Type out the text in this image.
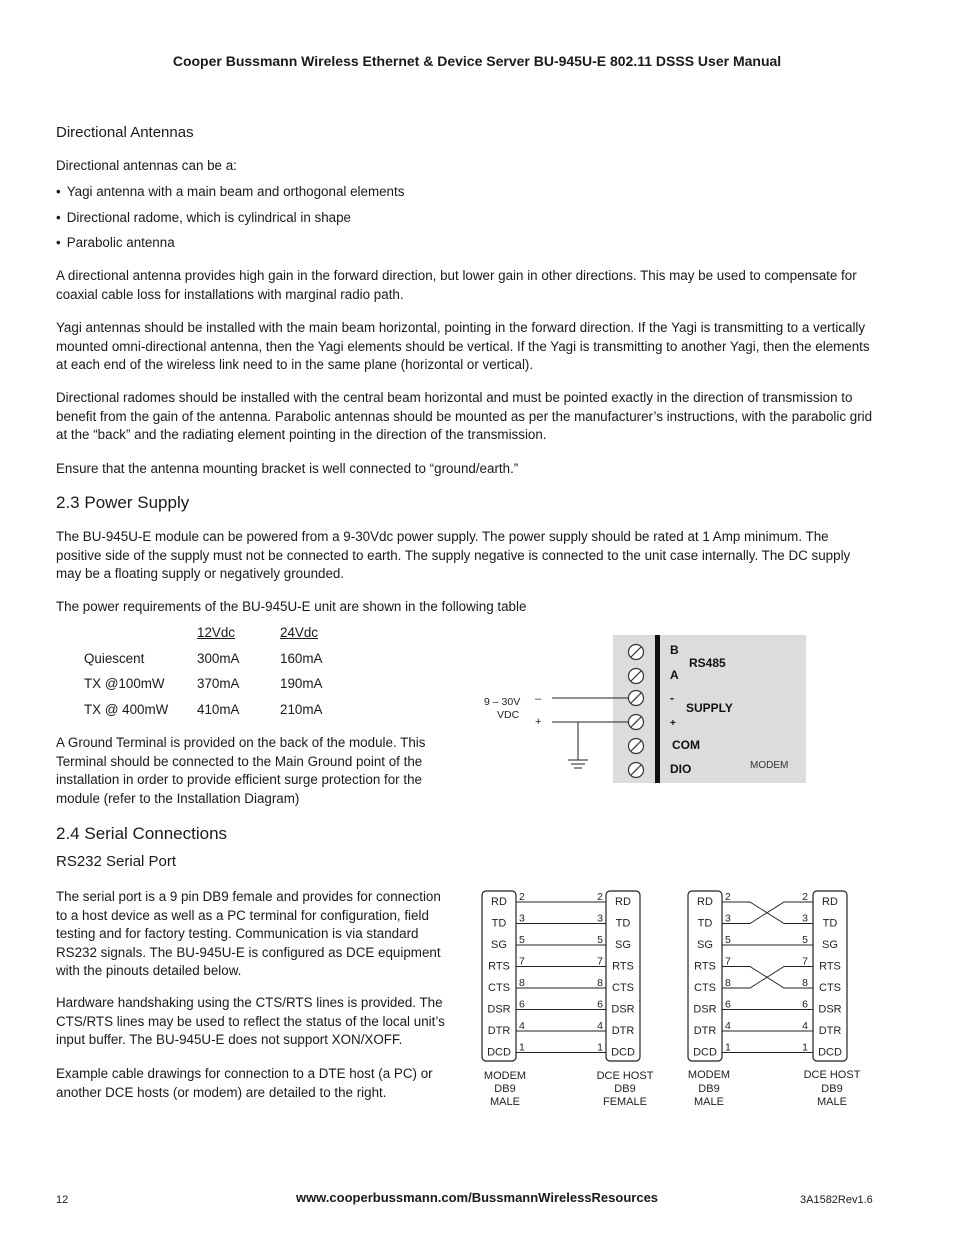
Cooper Bussmann Wireless Ethernet & Device Server BU-945U-E 802.11 DSSS User Manual
Directional Antennas
Directional antennas can be a:
• Yagi antenna with a main beam and orthogonal elements
• Directional radome, which is cylindrical in shape
• Parabolic antenna
A directional antenna provides high gain in the forward direction, but lower gain in other directions. This may be used to compensate for coaxial cable loss for installations with marginal radio path.
Yagi antennas should be installed with the main beam horizontal, pointing in the forward direction. If the Yagi is transmitting to a vertically mounted omni-directional antenna, then the Yagi elements should be vertical. If the Yagi is transmitting to another Yagi, then the elements at each end of the wireless link need to in the same plane (horizontal or vertical).
Directional radomes should be installed with the central beam horizontal and must be pointed exactly in the direction of transmission to benefit from the gain of the antenna. Parabolic antennas should be mounted as per the manufacturer’s instructions, with the parabolic grid at the “back” and the radiating element pointing in the direction of the transmission.
Ensure that the antenna mounting bracket is well connected to “ground/earth.”
2.3 Power Supply
The BU-945U-E module can be powered from a 9-30Vdc power supply. The power supply should be rated at 1 Amp minimum. The positive side of the supply must not be connected to earth. The supply negative is connected to the unit case internally. The DC supply may be a floating supply or negatively grounded.
The power requirements of the BU-945U-E unit are shown in the following table
	12Vdc	24Vdc
Quiescent	300mA	160mA
TX @100mW	370mA	190mA
TX @ 400mW	410mA	210mA
A Ground Terminal is provided on the back of the module. This Terminal should be connected to the Main Ground point of the installation in order to provide efficient surge protection for the module (refer to the Installation Diagram)
B
A
RS485
-
SUPPLY
+
COM
DIO	MODEM
9 – 30V
VDC
–
+
2.4 Serial Connections
RS232 Serial Port
The serial port is a 9 pin DB9 female and provides for connection to a host device as well as a PC terminal for configuration, field testing and for factory testing. Communication is via standard RS232 signals. The BU-945U-E is configured as DCE equipment with the pinouts detailed below.
Hardware handshaking using the CTS/RTS lines is provided. The CTS/RTS lines may be used to reflect the status of the local unit’s input buffer. The BU-945U-E does not support XON/XOFF.
Example cable drawings for connection to a DTE host (a PC) or another DCE hosts (or modem) are detailed to the right.
RD 2
TD 3
SG 5
RTS 7
CTS 8
DSR 6
DTR 4
DCD 1
RD
2
TD
3
SG
5
RTS
7
CTS
8
DSR
6
DTR
4
DCD
1
MODEM
DB9
MALE
DCE HOST
DB9
FEMALE
RD 2
TD 3
SG 5
RTS 7
CTS 8
DSR 6
DTR 4
DCD 1
RD
2
TD
3
SG
5
RTS
7
CTS
8
DSR
6
DTR
4
DCD
1
MODEM
DB9
MALE
DCE HOST
DB9
MALE
12	www.cooperbussmann.com/BussmannWirelessResources	3A1582Rev1.6
